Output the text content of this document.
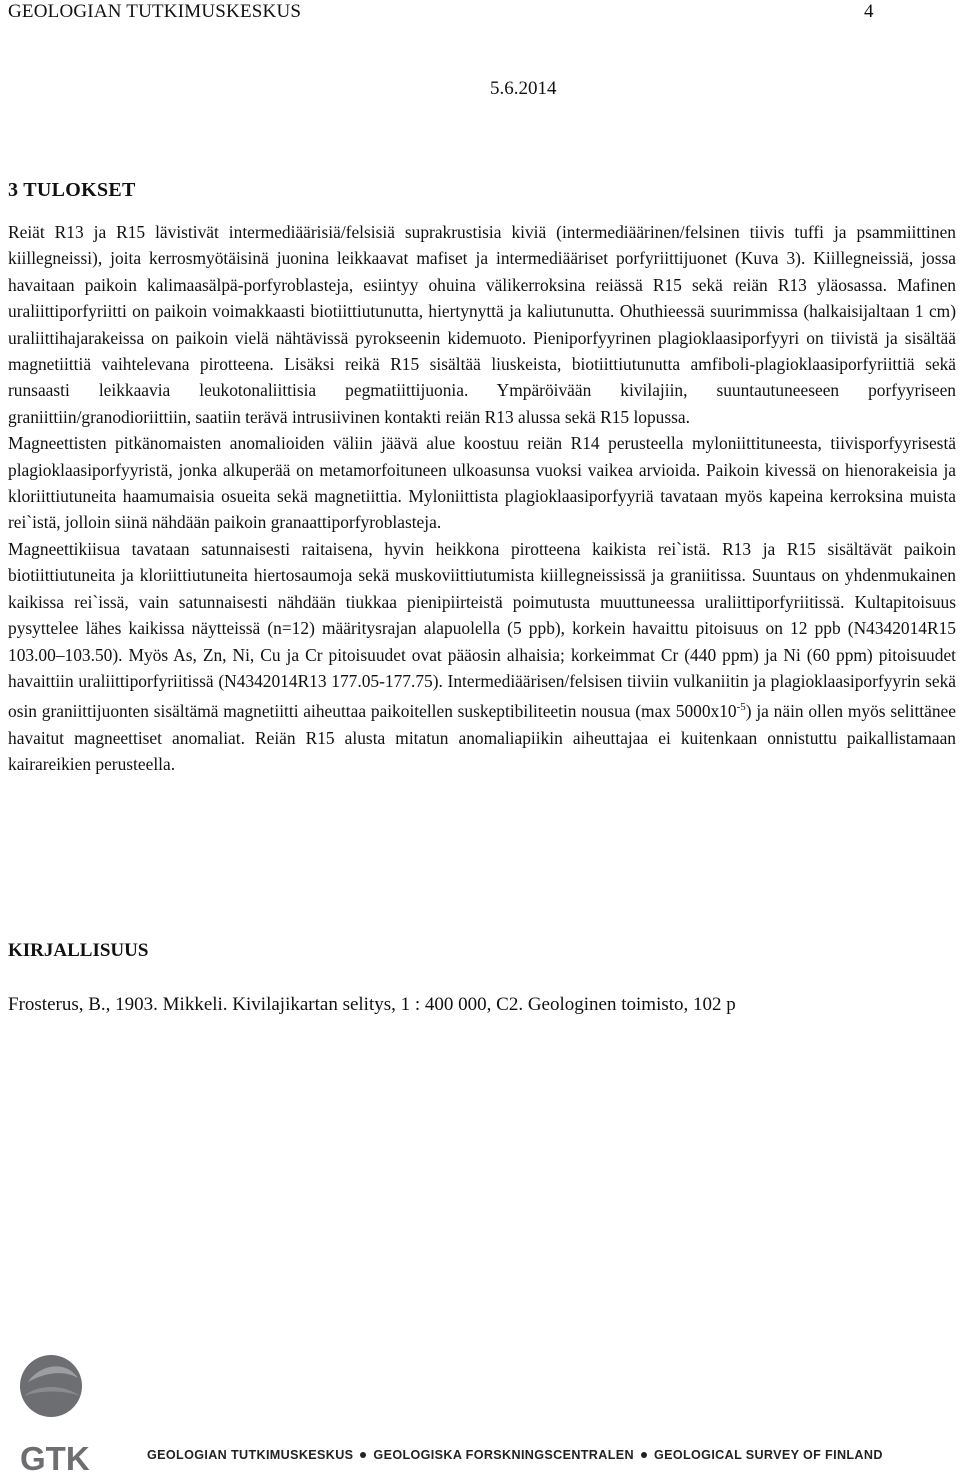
GEOLOGIAN TUTKIMUSKESKUS	4
5.6.2014
3 TULOKSET

Reiät R13 ja R15 lävistivät intermediäärisiä/felsisiä suprakrustisia kiviä (intermediäärinen/felsinen tiivis tuffi ja psammiittinen kiillegneissi), joita kerrosmyötäisinä juonina leikkaavat mafiset ja intermediääriset porfyriittijuonet (Kuva 3). Kiillegneissiä, jossa havaitaan paikoin kalimaasälpä-porfyroblasteja, esiintyy ohuina välikerroksina reiässä R15 sekä reiän R13 yläosassa. Mafinen uraliittiporfyriitti on paikoin voimakkaasti biotiittiutunutta, hiertynyttä ja kaliutunutta. Ohuthieessä suurimmissa (halkaisijaltaan 1 cm) uraliittihajarakeissa on paikoin vielä nähtävissä pyrokseenin kidemuoto. Pieniporfyyrinen plagioklaasiporfyyri on tiivistä ja sisältää magnetiittiä vaihtelevana pirotteena. Lisäksi reikä R15 sisältää liuskeista, biotiittiutunutta amfiboli-plagioklaasiporfyriittiä sekä runsaasti leikkaavia leukotonaliittisia pegmatiittijuonia. Ympäröivään kivilajiin, suuntautuneeseen porfyyriseen graniittiin/granodioriittiin, saatiin terävä intrusiivinen kontakti reiän R13 alussa sekä R15 lopussa.

Magneettisten pitkänomaisten anomalioiden väliin jäävä alue koostuu reiän R14 perusteella myloniittituneesta, tiivisporfyyrisestä plagioklaasiporfyyristä, jonka alkuperää on metamorfoituneen ulkoasunsa vuoksi vaikea arvioida. Paikoin kivessä on hienorakeisia ja kloriittiutuneita haamumaisia osueita sekä magnetiittia. Myloniittista plagioklaasiporfyyriä tavataan myös kapeina kerroksina muista rei`istä, jolloin siinä nähdään paikoin granaattiporfyroblasteja.

Magneettikiisua tavataan satunnaisesti raitaisena, hyvin heikkona pirotteena kaikista rei`istä. R13 ja R15 sisältävät paikoin biotiittiutuneita ja kloriittiutuneita hiertosaumoja sekä muskoviittiutumista kiillegneississä ja graniitissa. Suuntaus on yhdenmukainen kaikissa rei`issä, vain satunnaisesti nähdään tiukkaa pienipiirteistä poimutusta muuttuneessa uraliittiporfyriitissä. Kultapitoisuus pysyttelee lähes kaikissa näytteissä (n=12) määritysrajan alapuolella (5 ppb), korkein havaittu pitoisuus on 12 ppb (N4342014R15 103.00–103.50). Myös As, Zn, Ni, Cu ja Cr pitoisuudet ovat pääosin alhaisia; korkeimmat Cr (440 ppm) ja Ni (60 ppm) pitoisuudet havaittiin uraliittiporfyriitissä (N4342014R13 177.05-177.75). Intermediäärisen/felsisen tiiviin vulkaniitin ja plagioklaasiporfyyrin sekä osin graniittijuonten sisältämä magnetiitti aiheuttaa paikoitellen suskeptibiliteetin nousua (max $5000x10^{-5}$) ja näin ollen myös selittänee havaitut magneettiset anomaliat. Reiän R15 alusta mitatun anomaliapiikin aiheuttajaa ei kuitenkaan onnistuttu paikallistamaan kairareikien perusteella.

KIRJALLISUUS

Frosterus, B., 1903. Mikkeli. Kivilajikartan selitys, 1 : 400 000, C2. Geologinen toimisto, 102 p

GTK	GEOLOGIAN TUTKIMUSKESKUS GEOLOGISKA FORSKNINGSCENTRALEN GEOLOGICAL SURVEY OF FINLAND
